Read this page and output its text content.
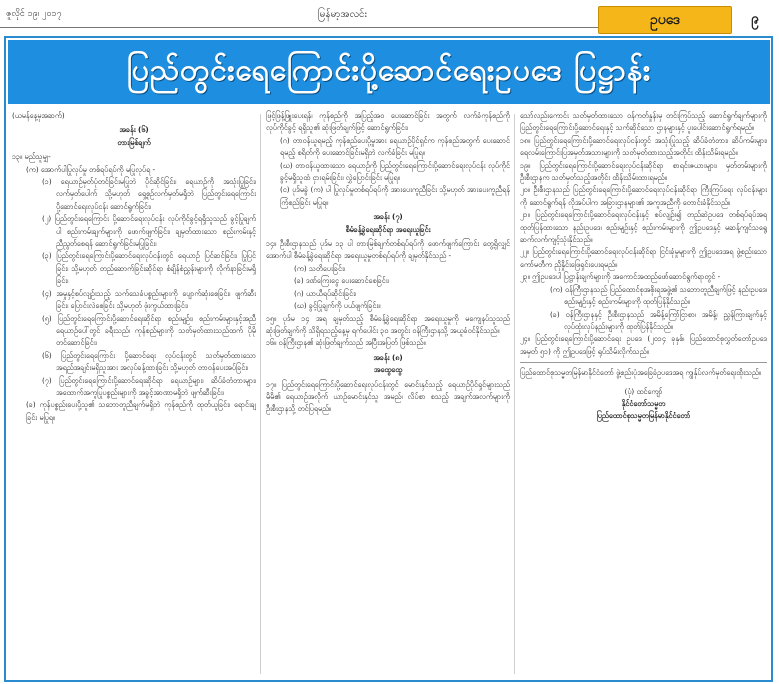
ဇူလိုင် ၁၉၊ ၂၀၁၇	မြန်မာ့အလင်း	ဥပဒေ	၉
ပြည်တွင်းရေကြောင်းပို့ဆောင်ရေးဥပဒေ ပြဋ္ဌာန်း

(ယမန်နေ့မှအဆက်)

အခန်း (၆)

တားမြစ်ချက်

၁၃။ မည်သူမျှ-

(က) အောက်ပါပြုလုပ်မှု တစ်ရပ်ရပ်ကို မပြုလုပ်ရ -

(၁) ရေယာဉ်မှတ်ပုံတင်ခြင်းမပြုဘဲ ပိုင်ဆိုင်ခြင်း၊ ရေယာဉ်ကို အသုံးပြုခြင်း၊ လက်မှတ်ပေါက် သို့မဟုတ် ရှေ့စုဉ်လက်မှတ်မရှိဘဲ ပြည်တွင်းရေကြောင်းပို့ဆောင်ရေးလုပ်ငန်း ဆောင်ရွက်ခြင်း၊

(၂) ပြည်တွင်းရေကြောင်း ပို့ဆောင်ရေးလုပ်ငန်း လုပ်ကိုင်ခွင့်ရရှိသူသည် ခွင့်ပြုချက်ပါ စည်းကမ်းချက်များကို ဖောက်ဖျက်ခြင်း၊ ချမှတ်ထားသော စည်းကမ်းနှင့် ညီညွတ်စေရန် ဆောင်ရွက်ခြင်းမပြုခြင်း၊

(၃) ပြည်တွင်းရေကြောင်းပို့ဆောင်ရေးလုပ်ငန်းတွင် ရေယာဉ် ပြင်ဆင်ခြင်း၊ ပြုပြင်ခြင်း၊ သို့မဟုတ် တည်ဆောက်ခြင်းဆိုင်ရာ စံချိန်စံညွှန်းများကို လိုက်နာခြင်းမရှိခြင်း၊

(၄) အမှုနှင့်စပ်လျဉ်းသည့် သက်သေခံပစ္စည်းများကို ပျောက်ဆုံးစေခြင်း၊ ဖျက်ဆီးခြင်း၊ ပြောင်းလဲစေခြင်း သို့မဟုတ် ဖုံးကွယ်ထားခြင်း၊

(၅) ပြည်တွင်းရေကြောင်းပို့ဆောင်ရေးဆိုင်ရာ စည်းမျဉ်း၊ စည်းကမ်းများနှင့်အညီ ရေယာဉ်ပေါ်တွင် ခရီးသည်၊ ကုန်စည်များကို သတ်မှတ်ထားသည်ထက် ပိုမိုတင်ဆောင်ခြင်း၊

(၆) ပြည်တွင်းရေကြောင်း ပို့ဆောင်ရေး လုပ်ငန်းတွင် သတ်မှတ်ထားသော အရည်အချင်းမရှိသူအား အလုပ်ခန့်ထားခြင်း သို့မဟုတ် တာဝန်ပေးအပ်ခြင်း၊

(၇) ပြည်တွင်းရေကြောင်းပို့ဆောင်ရေးဆိုင်ရာ ရေယာဉ်များ၊ ဆိပ်ခံတံတားများ၊ အထောက်အကူပြုပစ္စည်းများကို အခွင့်အာဏာမရှိဘဲ ဖျက်ဆီးခြင်း၊

(ခ) ကုန်ပစ္စည်းပေးပို့သူ၏ သဘောတူညီချက်မရှိဘဲ ကုန်စည်ကို ထုတ်ယူခြင်း၊ ရောင်းချခြင်း မပြုရ။

ဖြင့်ဖြန့်ဖြူးပေးရန်၊ ကုန်စည်ကို အပြည့်အဝ ပေးဆောင်ခြင်း အတွက် လက်ခံကုန်စည်ကို လုပ်ကိုင်ခွင့် ရရှိသူ၏ ဆုံးဖြတ်ချက်ဖြင့် ဆောင်ရွက်ခြင်း၊

(ဂ) တာဝန်ယူရမည့် ကုန်စည်ပေးပို့မှုအား ရေယာဉ်ပိုင်ရှင်က ကုန်စည်အတွက် ပေးဆောင်ရမည့် စရိတ်ကို ပေးဆောင်ခြင်းမရှိဘဲ လက်ခံခြင်း မပြုရ။

(ဃ) တာဝန်ယူထားသော ရေယာဉ်ကို ပြည်တွင်းရေကြောင်းပို့ဆောင်ရေးလုပ်ငန်း လုပ်ကိုင်ခွင့်မရှိသူထံ ငှားရမ်းခြင်း၊ လွှဲပြောင်းခြင်း မပြုရ။

(င) ပုဒ်မခွဲ (က) ပါ ပြုလုပ်မှုတစ်ရပ်ရပ်ကို အားပေးကူညီခြင်း သို့မဟုတ် အားပေးကူညီရန် ကြံစည်ခြင်း မပြုရ။

အခန်း (၇)

စီမံခန့်ခွဲရေးဆိုင်ရာ အရေးယူခြင်း

၁၄။ ဦးစီးဌာနသည် ပုဒ်မ ၁၃ ပါ တားမြစ်ချက်တစ်ရပ်ရပ်ကို ဖောက်ဖျက်ကြောင်း တွေ့ရှိလျှင် အောက်ပါ စီမံခန့်ခွဲရေးဆိုင်ရာ အရေးယူမှုတစ်ရပ်ရပ်ကို ချမှတ်နိုင်သည် -

(က) သတိပေးခြင်း၊

(ခ) ဒဏ်ကြေးငွေ ပေးဆောင်စေခြင်း၊

(ဂ) ယာယီရပ်ဆိုင်းခြင်း၊

(ဃ) ခွင့်ပြုချက်ကို ပယ်ဖျက်ခြင်း။

၁၅။ ပုဒ်မ ၁၄ အရ ချမှတ်သည့် စီမံခန့်ခွဲရေးဆိုင်ရာ အရေးယူမှုကို မကျေနပ်သူသည် ဆုံးဖြတ်ချက်ကို သိရှိရသည့်နေ့မှ ရက်ပေါင်း ၃၀ အတွင်း ဝန်ကြီးဌာနသို့ အယူခံဝင်နိုင်သည်။

၁၆။ ဝန်ကြီးဌာန၏ ဆုံးဖြတ်ချက်သည် အပြီးအပြတ် ဖြစ်သည်။

အခန်း (၈)

အထွေထွေ

၁၇။ ပြည်တွင်းရေကြောင်းပို့ဆောင်ရေးလုပ်ငန်းတွင် မောင်းနှင်သည့် ရေယာဉ်ပိုင်ရှင်များသည် မိမိ၏ ရေယာဉ်အလိုက် ယာဉ်မောင်းနှင်သူ အမည်၊ လိပ်စာ စသည့် အချက်အလက်များကို ဦးစီးဌာနသို့ တင်ပြရမည်။

သော်လည်းကောင်း သတ်မှတ်ထားသော ဝန်ကတ်နှုန်းမှ တင်းကြပ်သည့် ဆောင်ရွက်ချက်များကို ပြည်တွင်းရေကြောင်းပို့ဆောင်ရေးနှင့် သက်ဆိုင်သော ဌာနများနှင့် ပူးပေါင်းဆောင်ရွက်ရမည်။

၁၈။ ပြည်တွင်းရေကြောင်းပို့ဆောင်ရေးလုပ်ငန်းတွင် အသုံးပြုသည့် ဆိပ်ခံတံတား၊ ဆိပ်ကမ်းများ၊ ရေလမ်းကြောင်းပြအမှတ်အသားများကို သတ်မှတ်ထားသည့်အတိုင်း ထိန်းသိမ်းရမည်။

၁၉။ ပြည်တွင်းရေကြောင်းပို့ဆောင်ရေးလုပ်ငန်းဆိုင်ရာ စာရင်းဇယားများ၊ မှတ်တမ်းများကို ဦးစီးဌာနက သတ်မှတ်သည့်အတိုင်း ထိန်းသိမ်းထားရမည်။

၂၀။ ဦးစီးဌာနသည် ပြည်တွင်းရေကြောင်းပို့ဆောင်ရေးလုပ်ငန်းဆိုင်ရာ ကြီးကြပ်ရေး လုပ်ငန်းများကို ဆောင်ရွက်ရန် လိုအပ်ပါက အခြားဌာနများ၏ အကူအညီကို တောင်းခံနိုင်သည်။

၂၁။ ပြည်တွင်းရေကြောင်းပို့ဆောင်ရေးလုပ်ငန်းနှင့် စပ်လျဉ်း၍ တည်ဆဲဥပဒေ တစ်ရပ်ရပ်အရ ထုတ်ပြန်ထားသော နည်းဥပဒေ၊ စည်းမျဉ်းနှင့် စည်းကမ်းများကို ဤဥပဒေနှင့် မဆန့်ကျင်သရွေ့ ဆက်လက်ကျင့်သုံးနိုင်သည်။

၂၂။ ပြည်တွင်းရေကြောင်းပို့ဆောင်ရေးလုပ်ငန်းဆိုင်ရာ ငြင်းခုံမှုများကို ဤဥပဒေအရ ဖွဲ့စည်းသော ကော်မတီက ညှိနှိုင်းဖြေရှင်းပေးရမည်။

၂၃။ ဤဥပဒေပါ ပြဋ္ဌာန်းချက်များကို အကောင်အထည်ဖော်ဆောင်ရွက်ရာတွင် -

(က) ဝန်ကြီးဌာနသည် ပြည်ထောင်စုအစိုးရအဖွဲ့၏ သဘောတူညီချက်ဖြင့် နည်းဥပဒေ၊ စည်းမျဉ်းနှင့် စည်းကမ်းများကို ထုတ်ပြန်နိုင်သည်။

(ခ) ဝန်ကြီးဌာနနှင့် ဦးစီးဌာနသည် အမိန့်ကြော်ငြာစာ၊ အမိန့်၊ ညွှန်ကြားချက်နှင့် လုပ်ထုံးလုပ်နည်းများကို ထုတ်ပြန်နိုင်သည်။

၂၄။ ပြည်တွင်းရေကြောင်းပို့ဆောင်ရေး ဥပဒေ (၂၀၁၄ ခုနှစ်၊ ပြည်ထောင်စုလွှတ်တော်ဥပဒေအမှတ် ၅၁) ကို ဤဥပဒေဖြင့် ရုပ်သိမ်းလိုက်သည်။

ပြည်ထောင်စုသမ္မတမြန်မာနိုင်ငံတော် ဖွဲ့စည်းပုံအခြေခံဥပဒေအရ ကျွန်ုပ်လက်မှတ်ရေးထိုးသည်။

(ပုံ) ထင်ကျော်
နိုင်ငံတော်သမ္မတ
ပြည်ထောင်စုသမ္မတမြန်မာနိုင်ငံတော်
